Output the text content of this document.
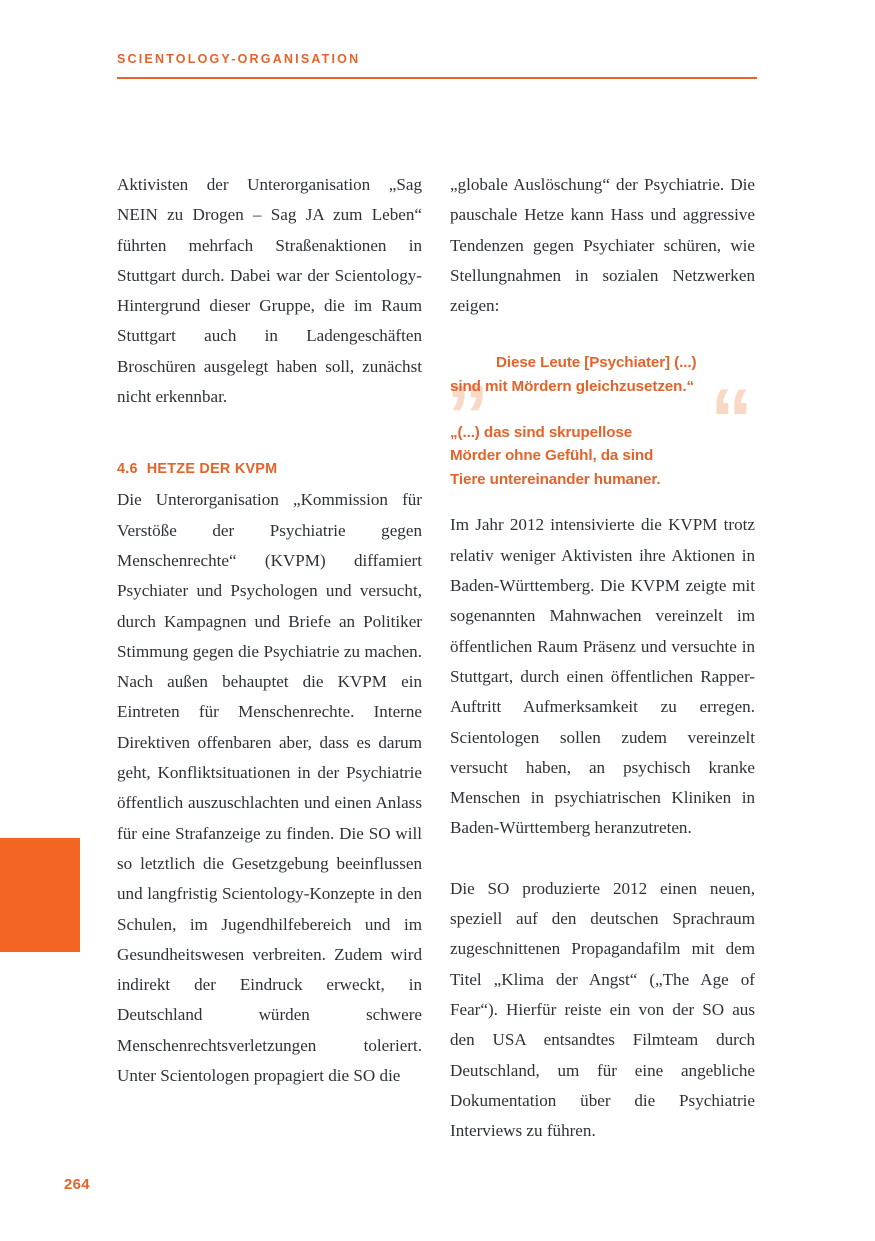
SCIENTOLOGY-ORGANISATION
264

Aktivisten der Unterorganisation „Sag NEIN zu Drogen – Sag JA zum Leben“ führten mehrfach Straßenaktionen in Stuttgart durch. Dabei war der Scientology-Hintergrund dieser Gruppe, die im Raum Stuttgart auch in Ladengeschäften Broschüren ausgelegt haben soll, zunächst nicht erkennbar.

4.6 HETZE DER KVPM

Die Unterorganisation „Kommission für Verstöße der Psychiatrie gegen Menschenrechte“ (KVPM) diffamiert Psychiater und Psychologen und versucht, durch Kampagnen und Briefe an Politiker Stimmung gegen die Psychiatrie zu machen. Nach außen behauptet die KVPM ein Eintreten für Menschenrechte. Interne Direktiven offenbaren aber, dass es darum geht, Konfliktsituationen in der Psychiatrie öffentlich auszuschlachten und einen Anlass für eine Strafanzeige zu finden. Die SO will so letztlich die Gesetzgebung beeinflussen und langfristig Scientology-Konzepte in den Schulen, im Jugendhilfebereich und im Gesundheitswesen verbreiten. Zudem wird indirekt der Eindruck erweckt, in Deutschland würden schwere Menschenrechtsverletzungen toleriert. Unter Scientologen propagiert die SO die

„globale Auslöschung“ der Psychiatrie. Die pauschale Hetze kann Hass und aggressive Tendenzen gegen Psychiater schüren, wie Stellungnahmen in sozialen Netzwerken zeigen:

„ Diese Leute [Psychiater] (...)
sind mit Mördern gleichzusetzen.“ “
„(...) das sind skrupellose
Mörder ohne Gefühl, da sind
Tiere untereinander humaner.

Im Jahr 2012 intensivierte die KVPM trotz relativ weniger Aktivisten ihre Aktionen in Baden-Württemberg. Die KVPM zeigte mit sogenannten Mahnwachen vereinzelt im öffentlichen Raum Präsenz und versuchte in Stuttgart, durch einen öffentlichen Rapper-Auftritt Aufmerksamkeit zu erregen. Scientologen sollen zudem vereinzelt versucht haben, an psychisch kranke Menschen in psychiatrischen Kliniken in Baden-Württemberg heranzutreten.

Die SO produzierte 2012 einen neuen, speziell auf den deutschen Sprachraum zugeschnittenen Propagandafilm mit dem Titel „Klima der Angst“ („The Age of Fear“). Hierfür reiste ein von der SO aus den USA entsandtes Filmteam durch Deutschland, um für eine angebliche Dokumentation über die Psychiatrie Interviews zu führen.
